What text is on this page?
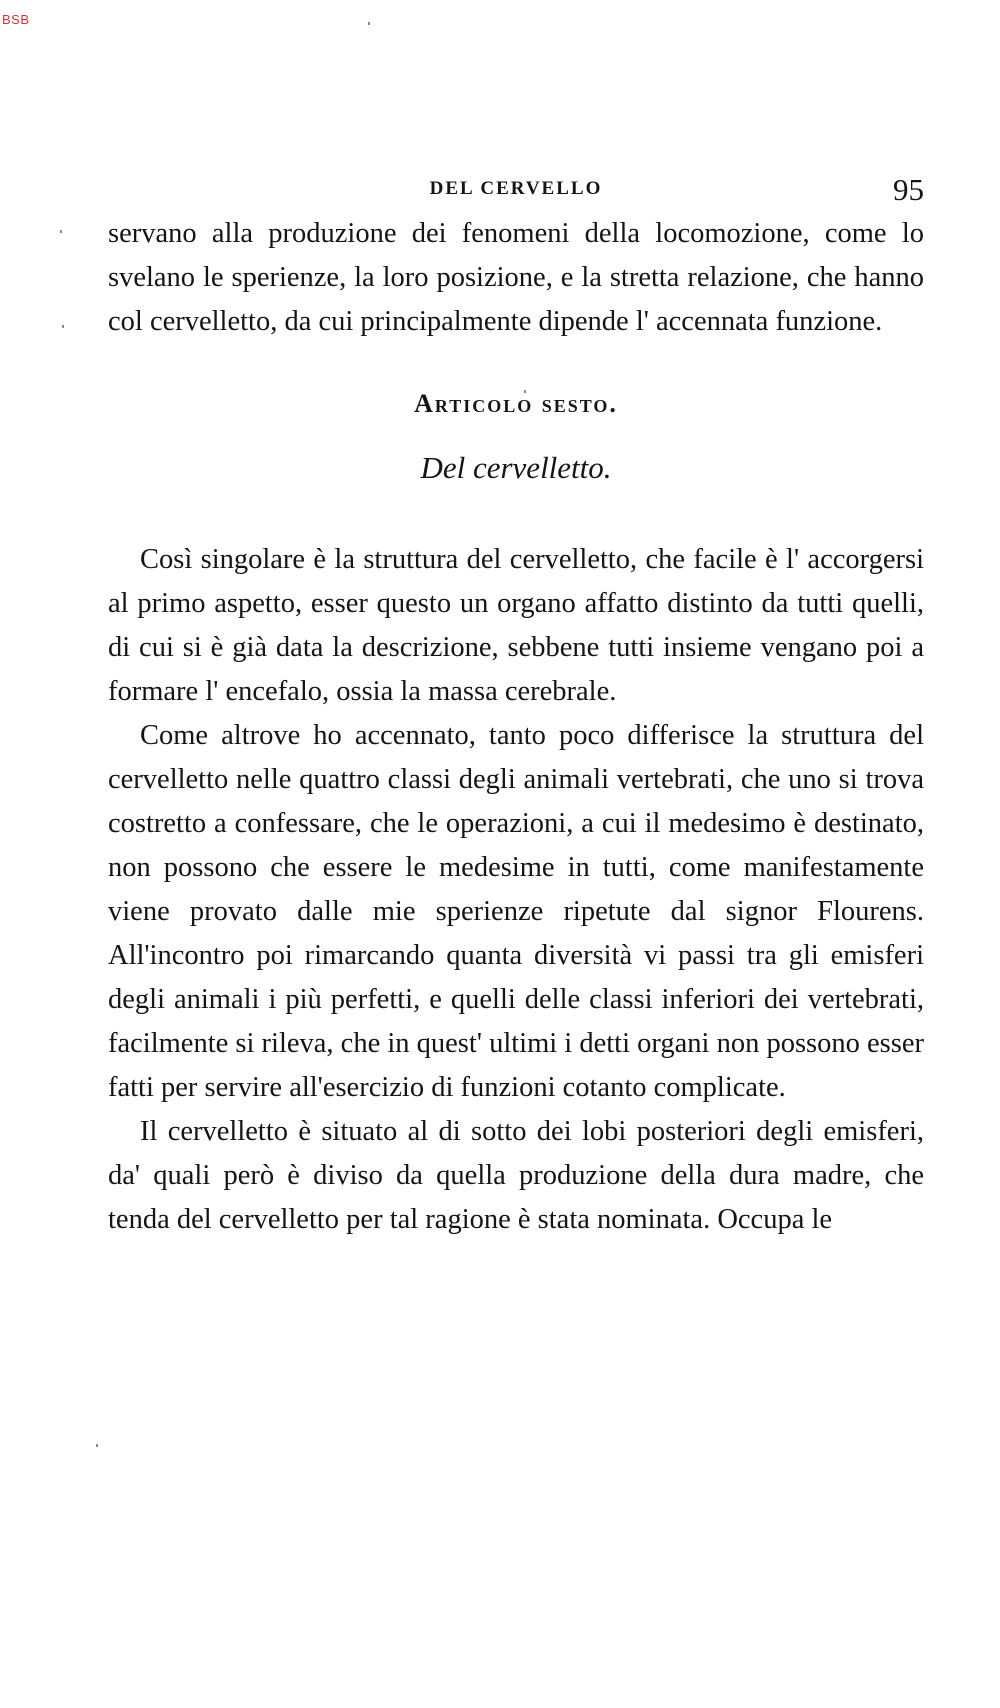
BSB
DEL CERVELLO	95

servano alla produzione dei fenomeni della locomozione, come lo svelano le sperienze, la loro posizione, e la stretta relazione, che hanno col cervelletto, da cui principalmente dipende l' accennata funzione.

Articolo sesto.
Del cervelletto.

Così singolare è la struttura del cervelletto, che facile è l' accorgersi al primo aspetto, esser questo un organo affatto distinto da tutti quelli, di cui si è già data la descrizione, sebbene tutti insieme vengano poi a formare l' encefalo, ossia la massa cerebrale.

Come altrove ho accennato, tanto poco differisce la struttura del cervelletto nelle quattro classi degli animali vertebrati, che uno si trova costretto a confessare, che le operazioni, a cui il medesimo è destinato, non possono che essere le medesime in tutti, come manifestamente viene provato dalle mie sperienze ripetute dal signor Flourens. All'incontro poi rimarcando quanta diversità vi passi tra gli emisferi degli animali i più perfetti, e quelli delle classi inferiori dei vertebrati, facilmente si rileva, che in quest' ultimi i detti organi non possono esser fatti per servire all'esercizio di funzioni cotanto complicate.

Il cervelletto è situato al di sotto dei lobi posteriori degli emisferi, da' quali però è diviso da quella produzione della dura madre, che tenda del cervelletto per tal ragione è stata nominata. Occupa le
